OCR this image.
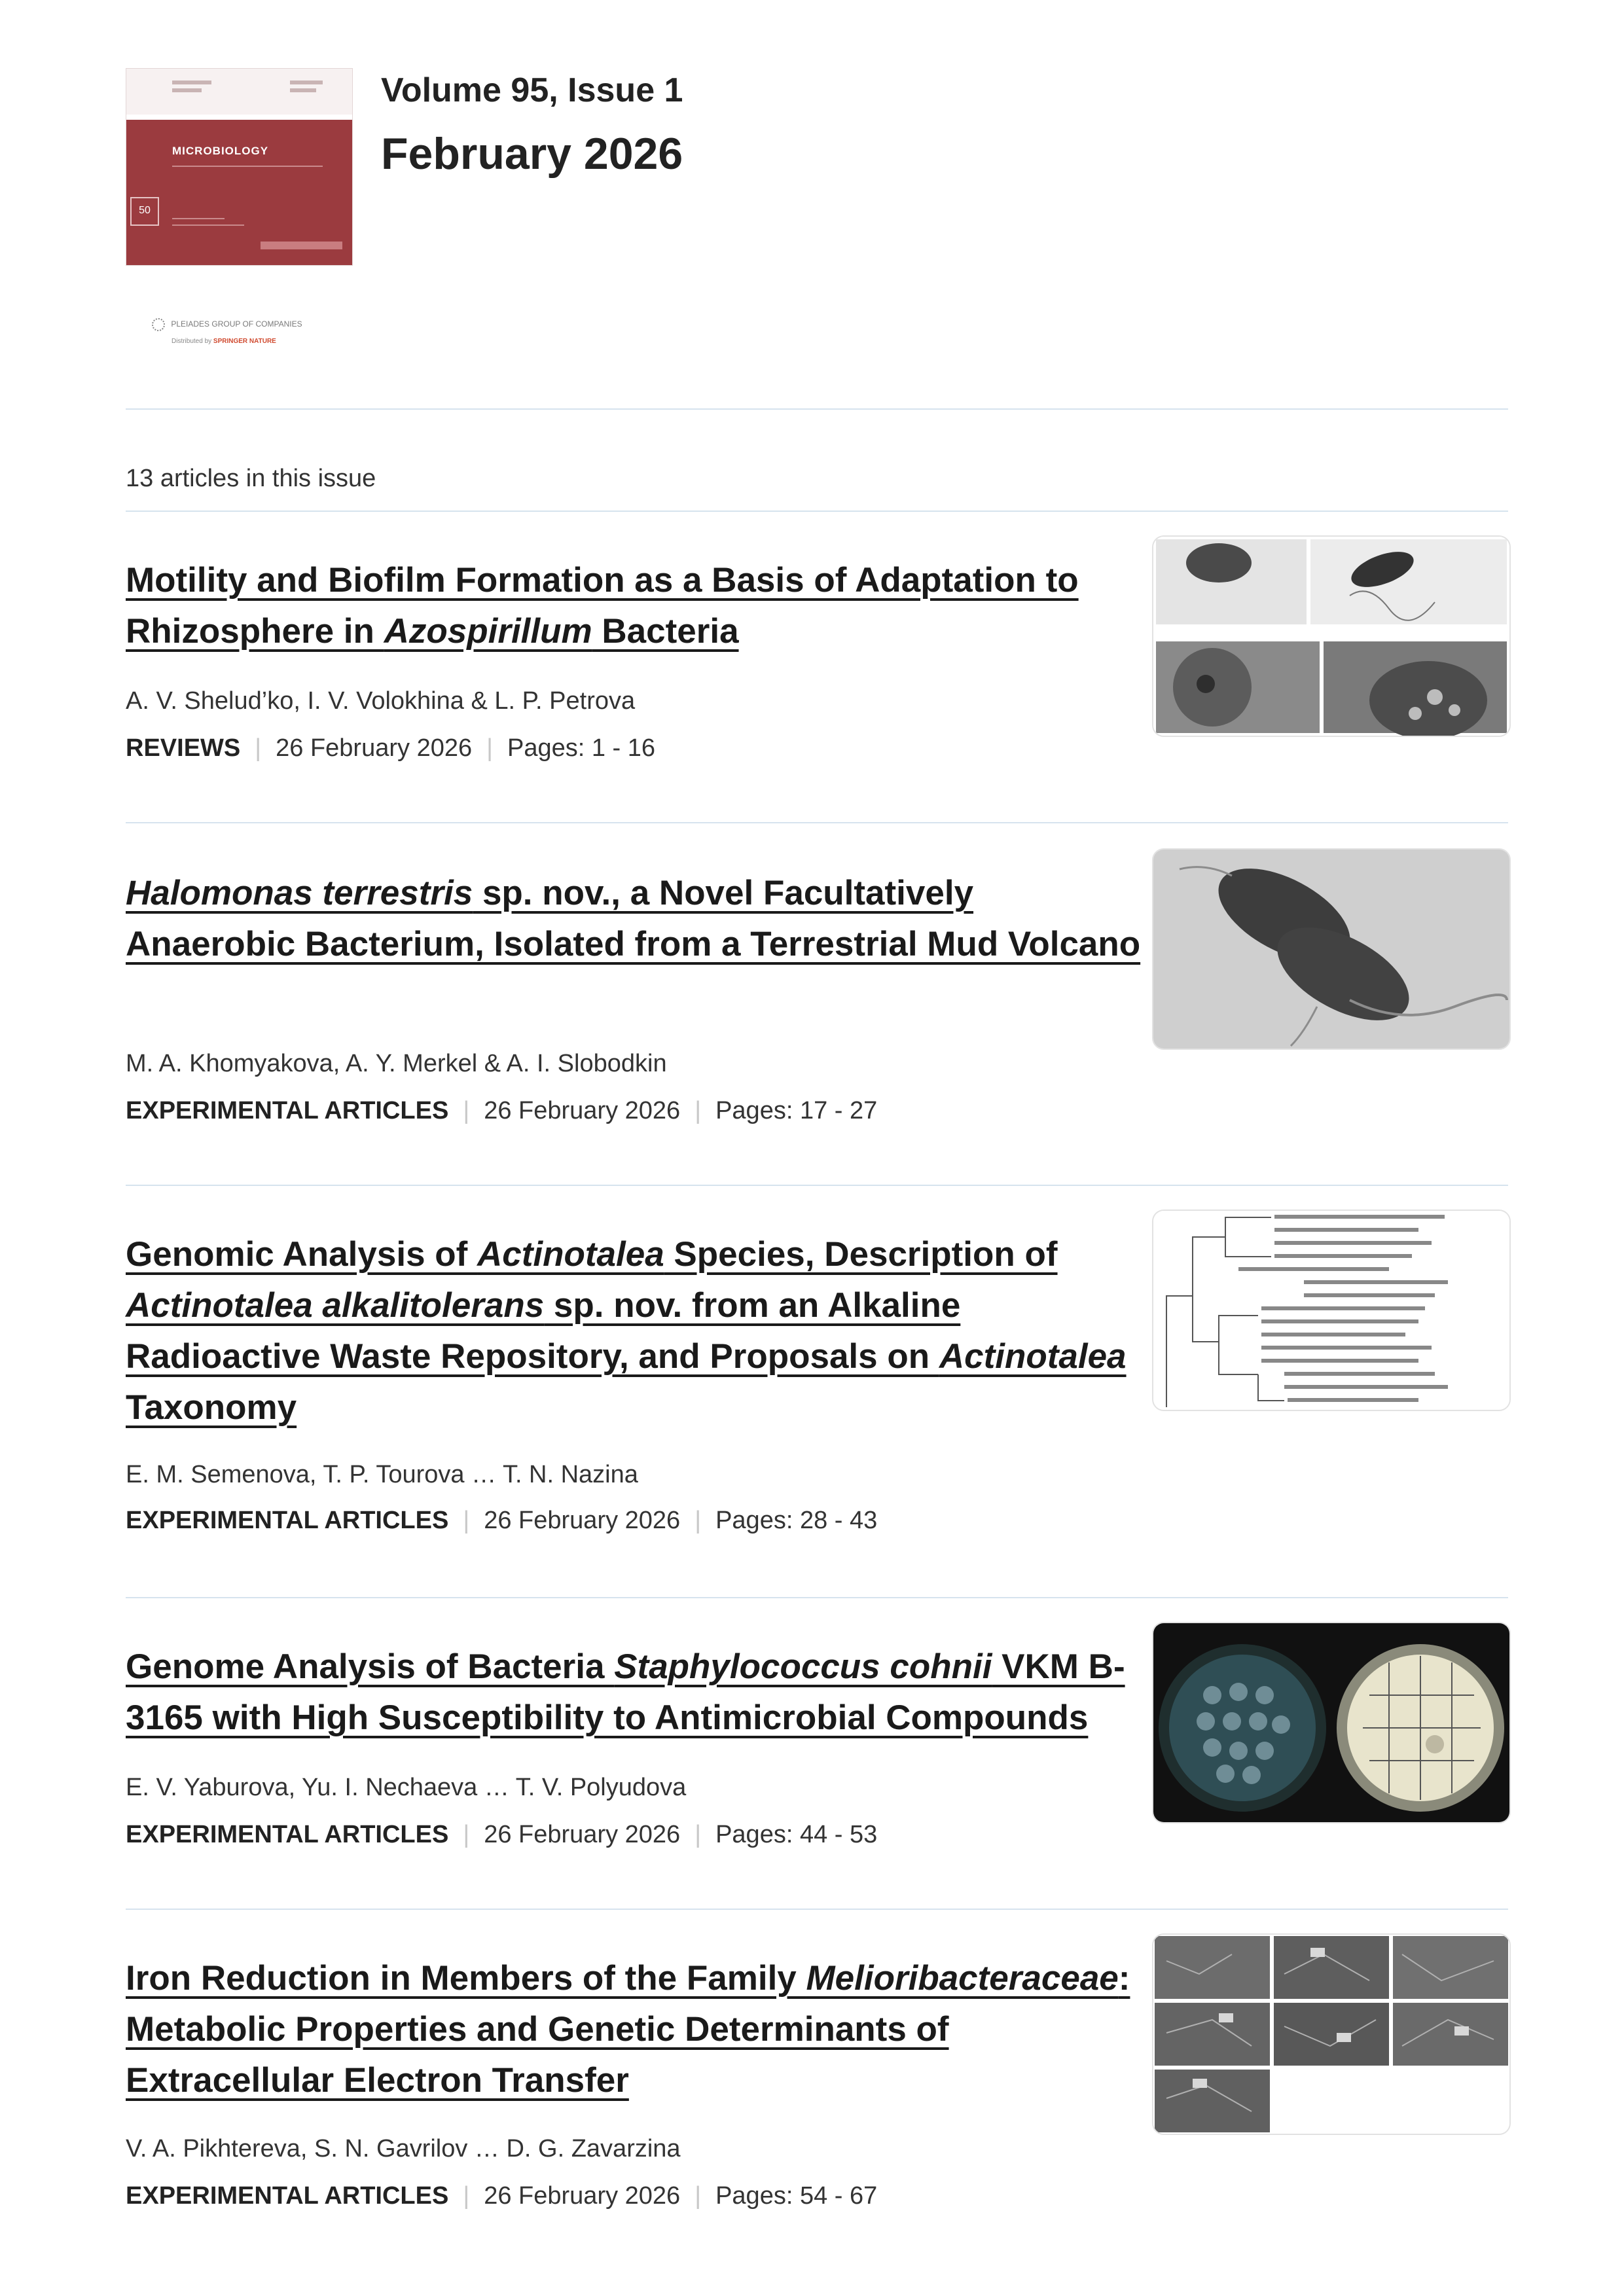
MICROBIOLOGY
50
PLEIADES GROUP OF COMPANIES
Distributed by SPRINGER NATURE
Volume 95, Issue 1
February 2026
13 articles in this issue
Motility and Biofilm Formation as a Basis of Adaptation to Rhizosphere in Azospirillum Bacteria
A. V. Shelud’ko, I. V. Volokhina & L. P. Petrova
REVIEWS | 26 February 2026 | Pages: 1 - 16
Halomonas terrestris sp. nov., a Novel Facultatively Anaerobic Bacterium, Isolated from a Terrestrial Mud Volcano
M. A. Khomyakova, A. Y. Merkel & A. I. Slobodkin
EXPERIMENTAL ARTICLES | 26 February 2026 | Pages: 17 - 27
Genomic Analysis of Actinotalea Species, Description of Actinotalea alkalitolerans sp. nov. from an Alkaline Radioactive Waste Repository, and Proposals on Actinotalea Taxonomy
E. M. Semenova, T. P. Tourova … T. N. Nazina
EXPERIMENTAL ARTICLES | 26 February 2026 | Pages: 28 - 43
Genome Analysis of Bacteria Staphylococcus cohnii VKM B-3165 with High Susceptibility to Antimicrobial Compounds
E. V. Yaburova, Yu. I. Nechaeva … T. V. Polyudova
EXPERIMENTAL ARTICLES | 26 February 2026 | Pages: 44 - 53
Iron Reduction in Members of the Family Melioribacteraceae: Metabolic Properties and Genetic Determinants of Extracellular Electron Transfer
V. A. Pikhtereva, S. N. Gavrilov … D. G. Zavarzina
EXPERIMENTAL ARTICLES | 26 February 2026 | Pages: 54 - 67
